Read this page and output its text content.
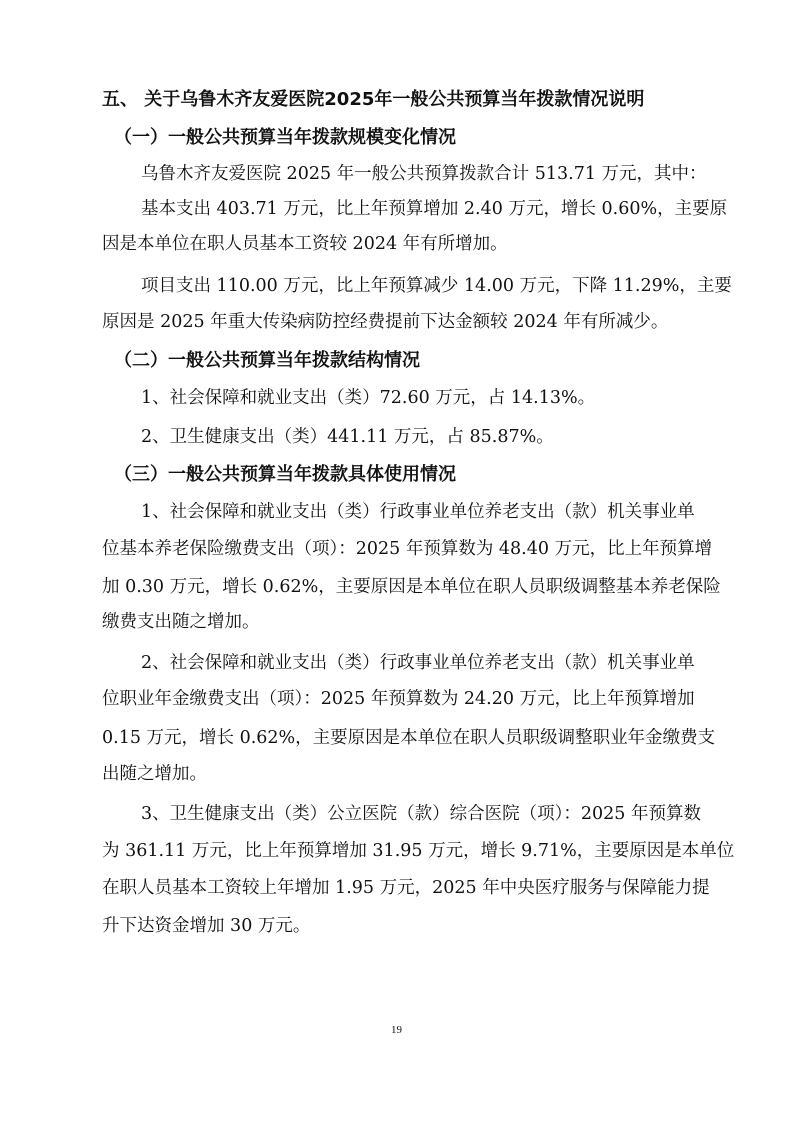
五、 关于乌鲁木齐友爱医院2025年一般公共预算当年拨款情况说明
（一）一般公共预算当年拨款规模变化情况
乌鲁木齐友爱医院 2025 年一般公共预算拨款合计 513.71 万元，其中：
基本支出 403.71 万元，比上年预算增加 2.40 万元，增长 0.60%，主要原
因是本单位在职人员基本工资较 2024 年有所增加。
项目支出 110.00 万元，比上年预算减少 14.00 万元，下降 11.29%，主要
原因是 2025 年重大传染病防控经费提前下达金额较 2024 年有所减少。
（二）一般公共预算当年拨款结构情况
1、社会保障和就业支出（类）72.60 万元，占 14.13%。
2、卫生健康支出（类）441.11 万元，占 85.87%。
（三）一般公共预算当年拨款具体使用情况
1、社会保障和就业支出（类）行政事业单位养老支出（款）机关事业单
位基本养老保险缴费支出（项）：2025 年预算数为 48.40 万元，比上年预算增
加 0.30 万元，增长 0.62%，主要原因是本单位在职人员职级调整基本养老保险
缴费支出随之增加。
2、社会保障和就业支出（类）行政事业单位养老支出（款）机关事业单
位职业年金缴费支出（项）：2025 年预算数为 24.20 万元，比上年预算增加
0.15 万元，增长 0.62%，主要原因是本单位在职人员职级调整职业年金缴费支
出随之增加。
3、卫生健康支出（类）公立医院（款）综合医院（项）：2025 年预算数
为 361.11 万元，比上年预算增加 31.95 万元，增长 9.71%，主要原因是本单位
在职人员基本工资较上年增加 1.95 万元，2025 年中央医疗服务与保障能力提
升下达资金增加 30 万元。
19
